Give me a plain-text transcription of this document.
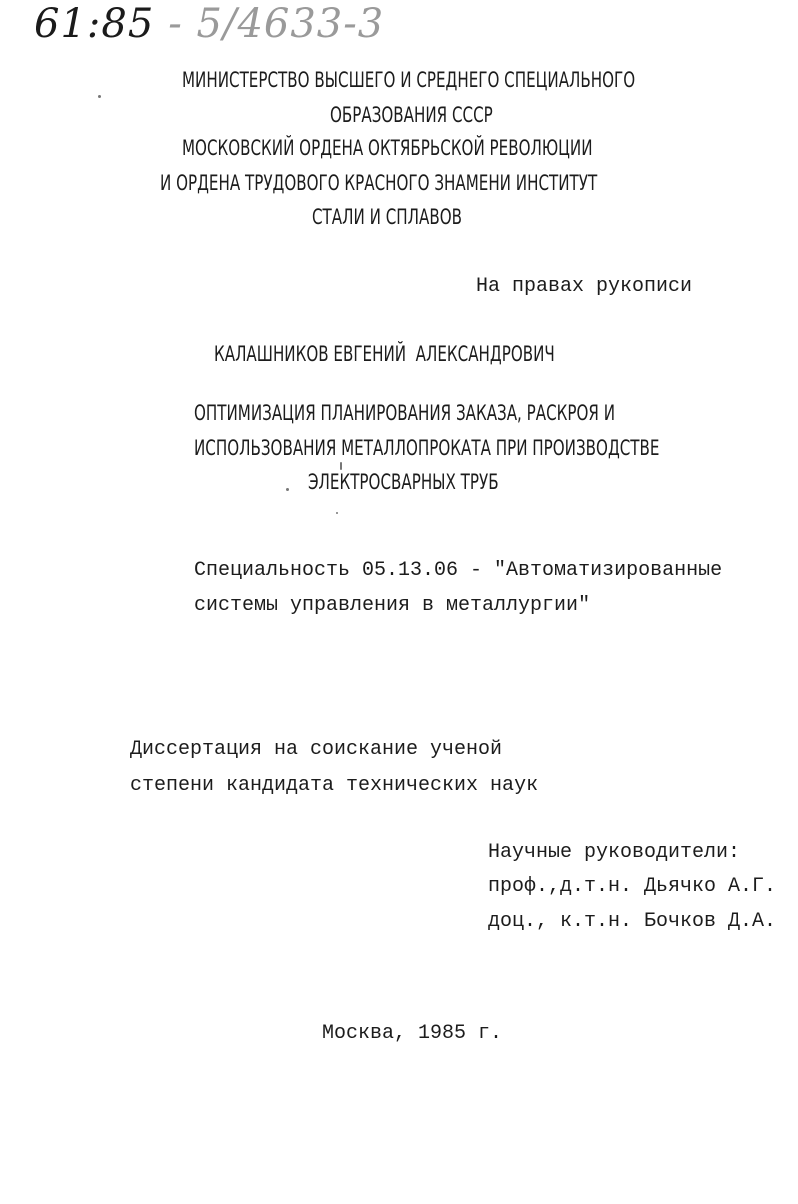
61:85 - 5/4633-3
МИНИСТЕРСТВО ВЫСШЕГО И СРЕДНЕГО СПЕЦИАЛЬНОГО
ОБРАЗОВАНИЯ СССР
МОСКОВСКИЙ ОРДЕНА ОКТЯБРЬСКОЙ РЕВОЛЮЦИИ
И ОРДЕНА ТРУДОВОГО КРАСНОГО ЗНАМЕНИ ИНСТИТУТ
СТАЛИ И СПЛАВОВ
На правах рукописи
КАЛАШНИКОВ ЕВГЕНИЙ  АЛЕКСАНДРОВИЧ
ОПТИМИЗАЦИЯ ПЛАНИРОВАНИЯ ЗАКАЗА, РАСКРОЯ И
ИСПОЛЬЗОВАНИЯ МЕТАЛЛОПРОКАТА ПРИ ПРОИЗВОДСТВЕ
ЭЛЕКТРОСВАРНЫХ ТРУБ
Специальность 05.13.06 - "Автоматизированные
системы управления в металлургии"
Диссертация на соискание ученой
степени кандидата технических наук
Научные руководители:
проф.,д.т.н. Дьячко А.Г.
доц., к.т.н. Бочков Д.А.
Москва, 1985 г.
